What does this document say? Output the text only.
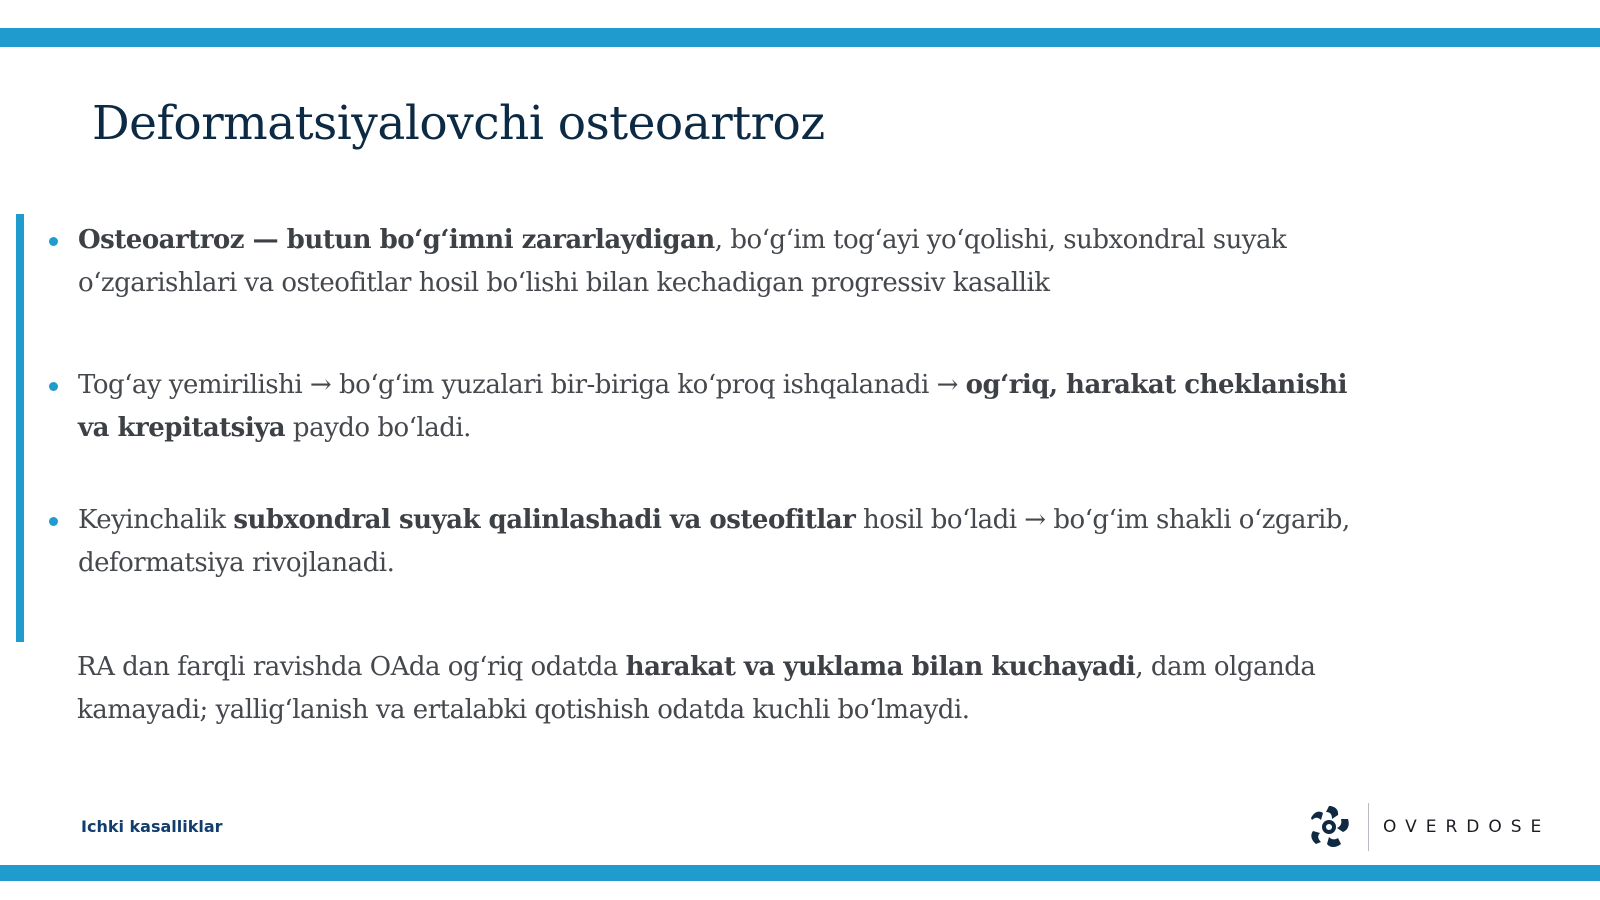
Deformatsiyalovchi osteoartroz
Osteoartroz — butun bo‘g‘imni zararlaydigan, bo‘g‘im tog‘ayi yo‘qolishi, subxondral suyak o‘zgarishlari va osteofitlar hosil bo‘lishi bilan kechadigan progressiv kasallik
Tog‘ay yemirilishi → bo‘g‘im yuzalari bir-biriga ko‘proq ishqalanadi → og‘riq, harakat cheklanishi va krepitatsiya paydo bo‘ladi.
Keyinchalik subxondral suyak qalinlashadi va osteofitlar hosil bo‘ladi → bo‘g‘im shakli o‘zgarib, deformatsiya rivojlanadi.
RA dan farqli ravishda OAda og‘riq odatda harakat va yuklama bilan kuchayadi, dam olganda kamayadi; yallig‘lanish va ertalabki qotishish odatda kuchli bo‘lmaydi.
Ichki kasalliklar	OVERDOSE
